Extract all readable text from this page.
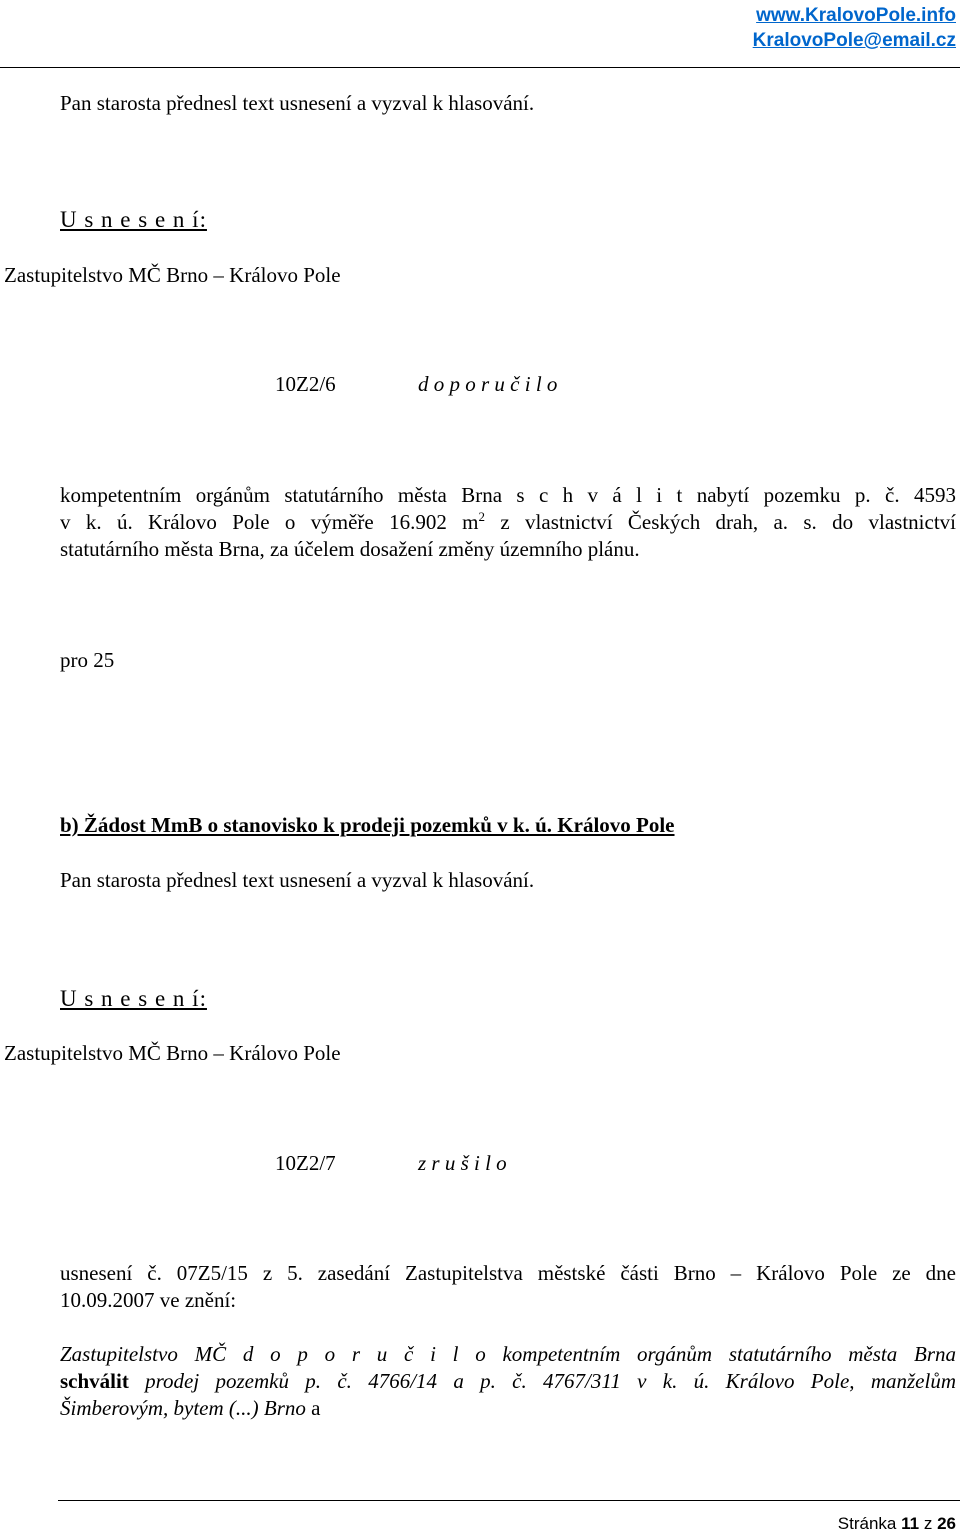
www.KralovoPole.info
KralovoPole@email.cz
Pan starosta přednesl text usnesení a vyzval k hlasování.
U s n e s e n í:
Zastupitelstvo MČ Brno – Královo Pole
10Z2/6	d o p o r u č i l o
kompetentním orgánům statutárního města Brna s c h v á l i t nabytí pozemku p. č. 4593
v k. ú. Královo Pole o výměře 16.902 $m^2$ z vlastnictví Českých drah, a. s. do vlastnictví
statutárního města Brna, za účelem dosažení změny územního plánu.
pro 25
b) Žádost MmB o stanovisko k prodeji pozemků v k. ú. Královo Pole
Pan starosta přednesl text usnesení a vyzval k hlasování.
U s n e s e n í:
Zastupitelstvo MČ Brno – Královo Pole
10Z2/7	z r u š i l o
usnesení č. 07Z5/15 z 5. zasedání Zastupitelstva městské části Brno – Královo Pole ze dne
10.09.2007 ve znění:
Zastupitelstvo MČ d o p o r u č i l o kompetentním orgánům statutárního města Brna
schválit prodej pozemků p. č. 4766/14 a p. č. 4767/311 v k. ú. Královo Pole, manželům
Šimberovým, bytem (...) Brno a
Stránka 11 z 26
